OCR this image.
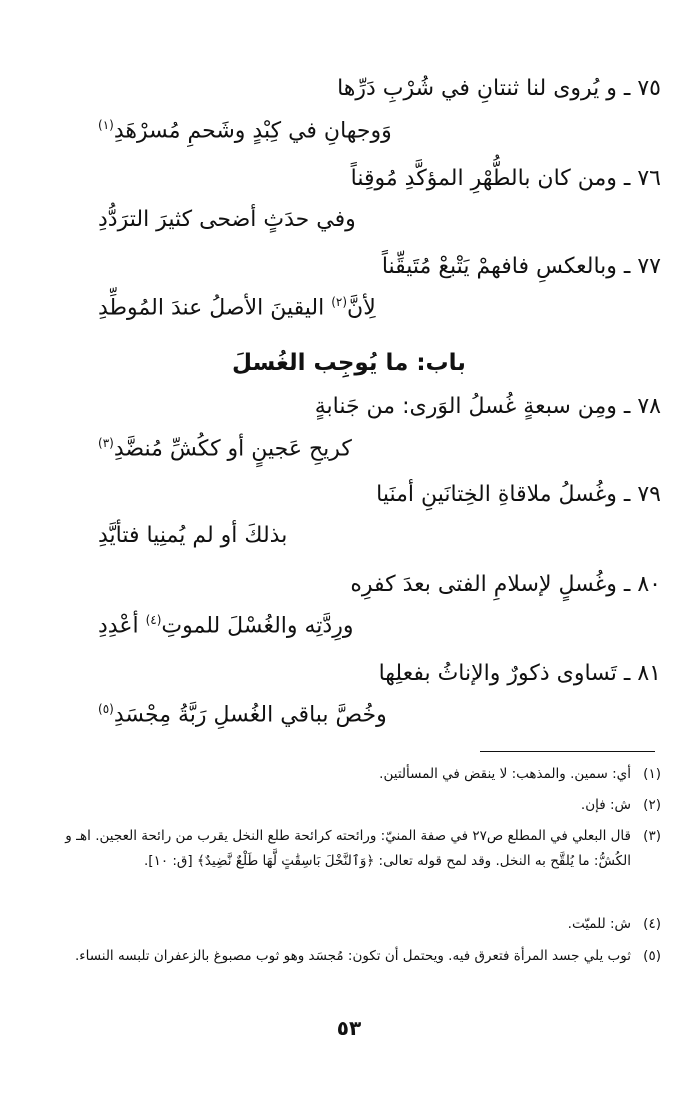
٧٥ ـ و يُروى لنا ثنتانِ في شُرْبِ دَرِّها
وَوجهانِ في كِبْدٍ وشَحمِ مُسرْهَدِ$^{(١)}$
٧٦ ـ ومن كان بالطُّهْرِ المؤكَّدِ مُوقِناً
وفي حدَثٍ أضحى كثيرَ الترَدُّدِ
٧٧ ـ وبالعكسِ فافهمْ يَتْبعْ مُتَيقِّناً
لِأنَّ$^{(٢)}$ اليقينَ الأصلُ عندَ المُوطِّدِ
باب: ما يُوجِب الغُسلَ
٧٨ ـ ومِن سبعةٍ غُسلُ الوَرى: من جَنابةٍ
كريحِ عَجينٍ أو ككُشِّ مُنضَّدِ$^{(٣)}$
٧٩ ـ وغُسلُ ملاقاةِ الخِتانَينِ أمنَيا
بذلكَ أو لم يُمنِيا فتأيَّدِ
٨٠ ـ وغُسلٍ لإسلامِ الفتى بعدَ كفرِه
ورِدَّتِه والغُسْلَ للموتِ$^{(٤)}$ أعْدِدِ
٨١ ـ تَساوى ذكورٌ والإناثُ بفعلِها
وخُصَّ بباقي الغُسلِ رَبَّةُ مِجْسَدِ$^{(٥)}$
(١)
أي: سمين. والمذهب: لا ينقض في المسألتين.
(٢)
ش: فإن.
(٣)
قال البعلي في المطلع ص٢٧ في صفة المنيّ: ورائحته كرائحة طلع النخل يقرب من رائحة العجين. اهـ و الكُشُّ: ما يُلقَّح به النخل. وقد لمح قوله تعالى: ﴿وَٱلنَّخْلَ بَاسِقَٰتٍ لَّهَا طَلْعٌ نَّضِيدٌ﴾ [ق: ١٠].
(٤)
ش: للميّت.
(٥)
ثوب يلي جسد المرأة فتعرق فيه. ويحتمل أن تكون: مُجسَد وهو ثوب مصبوغ بالزعفران تلبسه النساء.
٥٣
